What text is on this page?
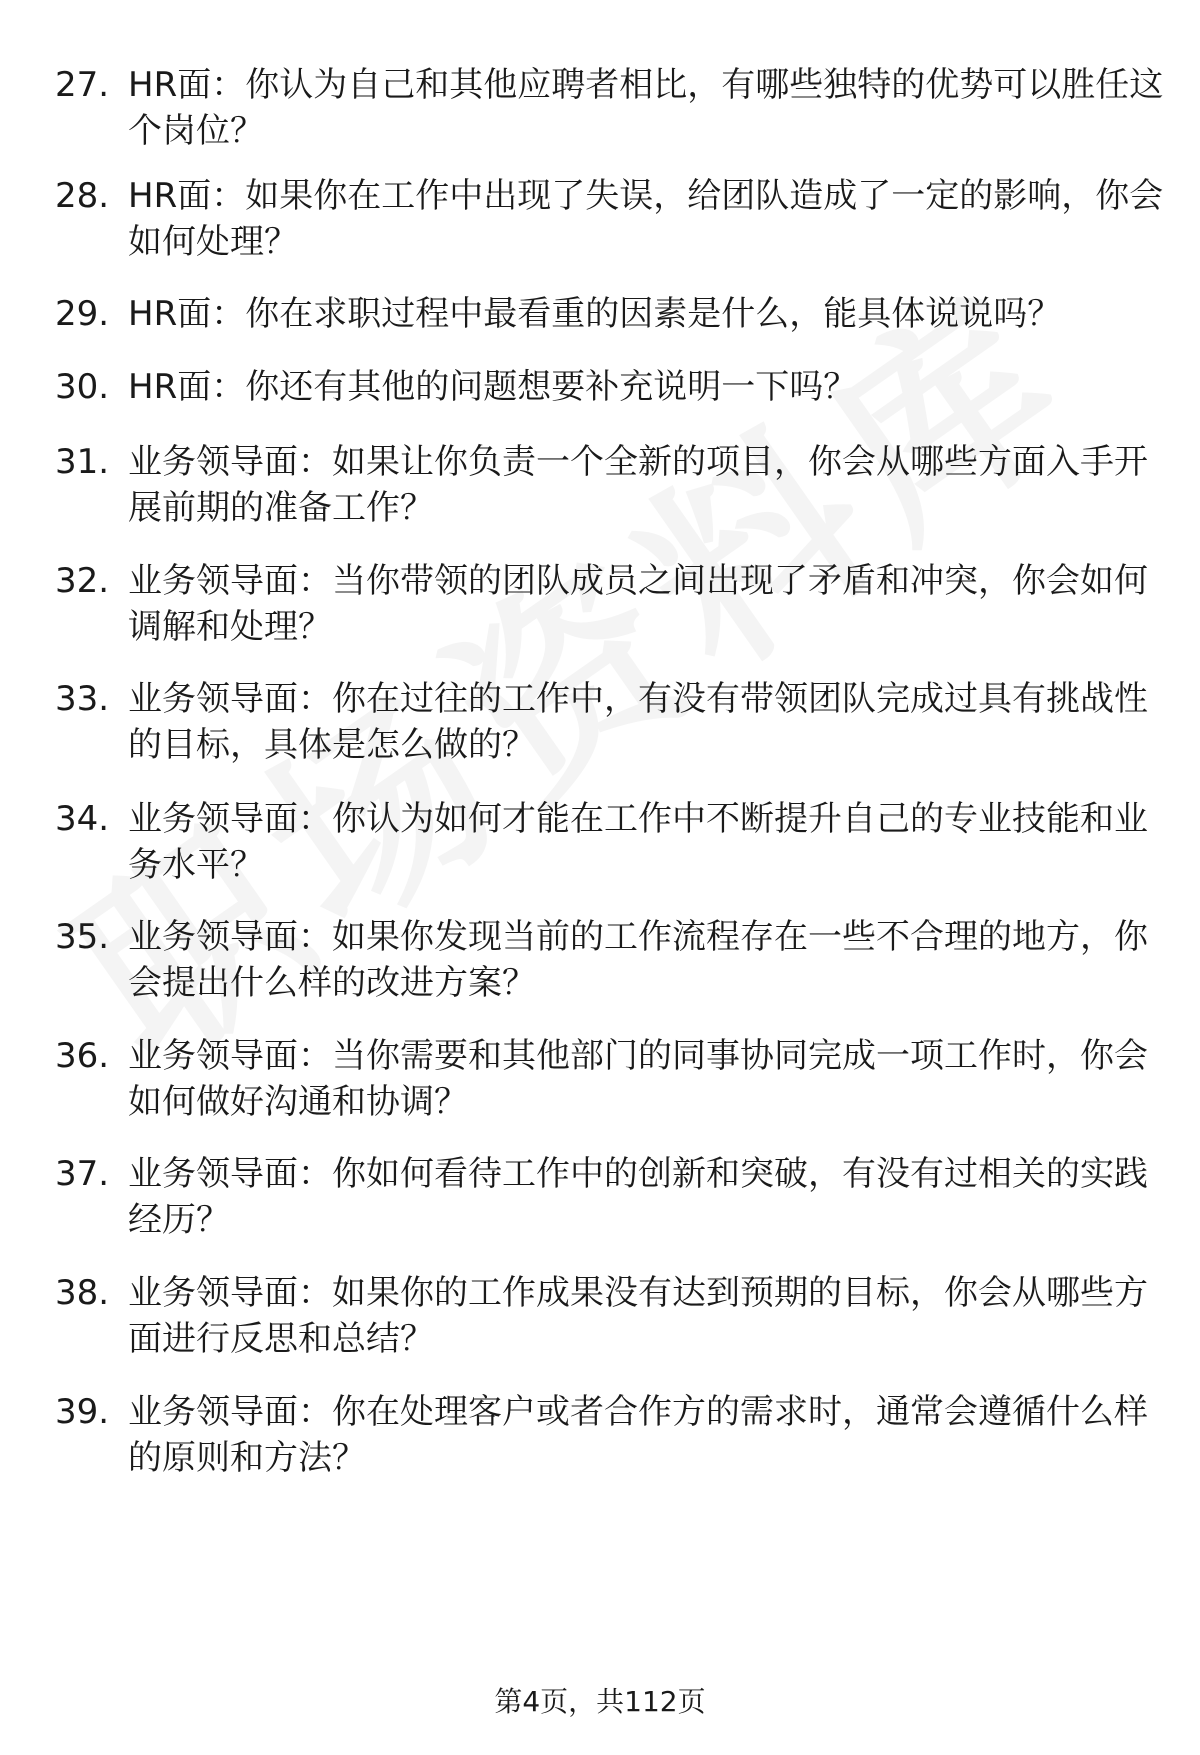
27. HR面：你认为自己和其他应聘者相比，有哪些独特的优势可以胜任这个岗位？
28. HR面：如果你在工作中出现了失误，给团队造成了一定的影响，你会如何处理？
29. HR面：你在求职过程中最看重的因素是什么，能具体说说吗？
30. HR面：你还有其他的问题想要补充说明一下吗？
31. 业务领导面：如果让你负责一个全新的项目，你会从哪些方面入手开展前期的准备工作？
32. 业务领导面：当你带领的团队成员之间出现了矛盾和冲突，你会如何调解和处理？
33. 业务领导面：你在过往的工作中，有没有带领团队完成过具有挑战性的目标，具体是怎么做的？
34. 业务领导面：你认为如何才能在工作中不断提升自己的专业技能和业务水平？
35. 业务领导面：如果你发现当前的工作流程存在一些不合理的地方，你会提出什么样的改进方案？
36. 业务领导面：当你需要和其他部门的同事协同完成一项工作时，你会如何做好沟通和协调？
37. 业务领导面：你如何看待工作中的创新和突破，有没有过相关的实践经历？
38. 业务领导面：如果你的工作成果没有达到预期的目标，你会从哪些方面进行反思和总结？
39. 业务领导面：你在处理客户或者合作方的需求时，通常会遵循什么样的原则和方法？
第4页，共112页
